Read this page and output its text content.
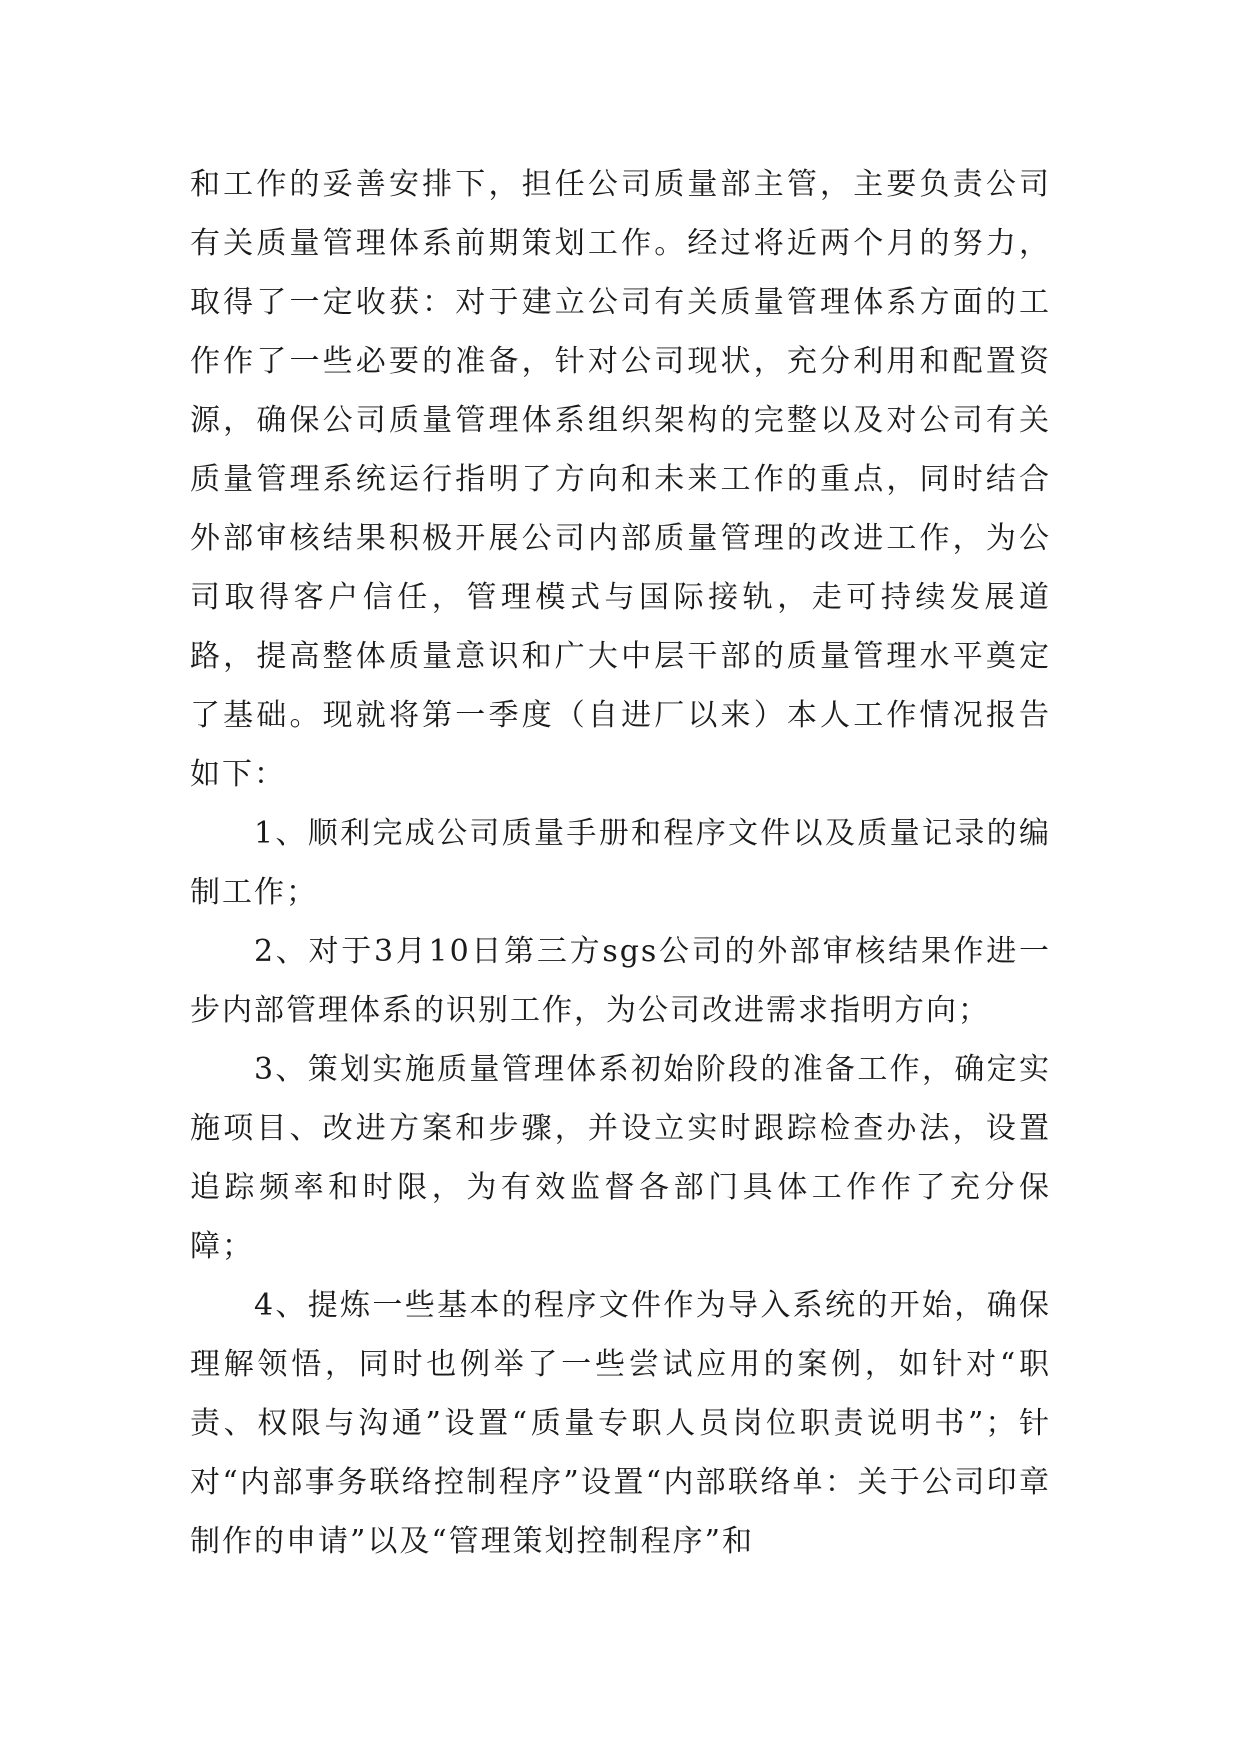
和工作的妥善安排下，担任公司质量部主管，主要负责公司有关质量管理体系前期策划工作。经过将近两个月的努力，取得了一定收获：对于建立公司有关质量管理体系方面的工作作了一些必要的准备，针对公司现状，充分利用和配置资源，确保公司质量管理体系组织架构的完整以及对公司有关质量管理系统运行指明了方向和未来工作的重点，同时结合外部审核结果积极开展公司内部质量管理的改进工作，为公司取得客户信任，管理模式与国际接轨，走可持续发展道路，提高整体质量意识和广大中层干部的质量管理水平奠定了基础。现就将第一季度（自进厂以来）本人工作情况报告如下：

1、顺利完成公司质量手册和程序文件以及质量记录的编制工作；

2、对于3月10日第三方sgs公司的外部审核结果作进一步内部管理体系的识别工作，为公司改进需求指明方向；

3、策划实施质量管理体系初始阶段的准备工作，确定实施项目、改进方案和步骤，并设立实时跟踪检查办法，设置追踪频率和时限，为有效监督各部门具体工作作了充分保障；

4、提炼一些基本的程序文件作为导入系统的开始，确保理解领悟，同时也例举了一些尝试应用的案例，如针对“职责、权限与沟通”设置“质量专职人员岗位职责说明书”；针对“内部事务联络控制程序”设置“内部联络单：关于公司印章制作的申请”以及“管理策划控制程序”和
